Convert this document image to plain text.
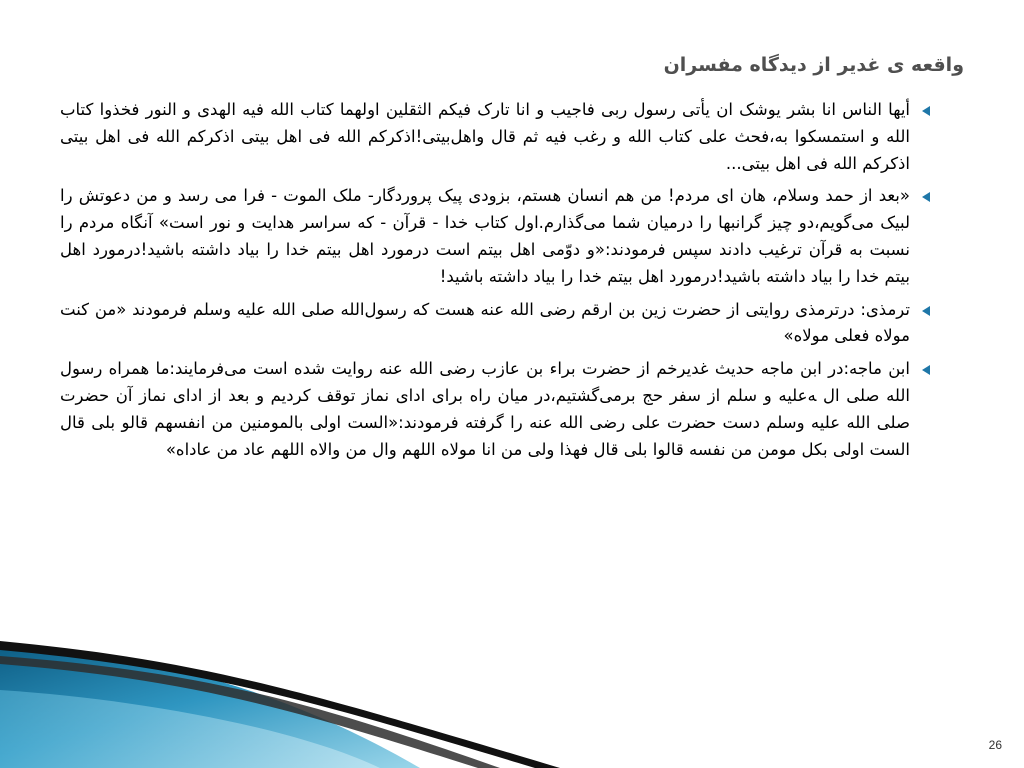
واقعه ی غدیر از دیدگاه مفسران

أیها الناس انا بشر یوشک ان یأتی رسول ربی فاجیب و انا تارک فیکم الثقلین اولهما کتاب الله فیه الهدی و النور فخذوا کتاب الله و استمسکوا به،فحث علی کتاب الله و رغب فیه ثم قال واهل‌بیتی!اذکرکم الله فی اهل بیتی اذکرکم الله فی اهل بیتی اذکرکم الله فی اهل بیتی...

«بعد از حمد وسلام، هان ای مردم! من هم انسان هستم، بزودی پیک پروردگار- ملک الموت - فرا می رسد و من دعوتش را لبیک می‌گویم،دو چیز گرانبها را درمیان شما می‌گذارم.اول کتاب خدا - قرآن - که سراسر هدایت و نور است» آنگاه مردم را نسبت به قرآن ترغیب دادند سپس فرمودند:«و دوّمی اهل بیتم است درمورد اهل بیتم خدا را بیاد داشته باشید!درمورد اهل بیتم خدا را بیاد داشته باشید!درمورد اهل بیتم خدا را بیاد داشته باشید!

ترمذی: درترمذی روایتی از حضرت زین بن ارقم رضی الله عنه هست که رسول‌الله صلی الله علیه وسلم فرمودند «من کنت مولاه فعلی مولاه»

ابن ماجه:در ابن ماجه حدیث غدیرخم از حضرت براء بن عازب رضی الله عنه روایت شده است می‌فرمایند:ما همراه رسول الله صلی ال ﻪعلیه و سلم از سفر حج برمی‌گشتیم،در میان راه برای ادای نماز توقف کردیم و بعد از ادای نماز آن حضرت صلی الله علیه وسلم دست حضرت علی رضی الله عنه را گرفته فرمودند:«الست اولی بالمومنین من انفسهم قالو بلی قال الست اولی بکل مومن من نفسه قالوا بلی قال فهذا ولی من انا مولاه اللهم وال من والاه اللهم عاد من عاداه»

26
